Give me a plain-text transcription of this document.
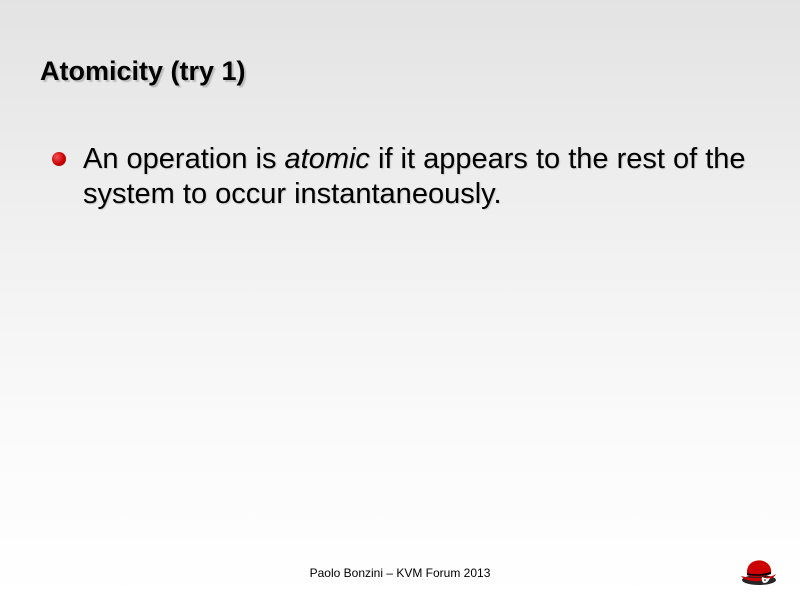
Atomicity (try 1)
An operation is atomic if it appears to the rest of the system to occur instantaneously.
Paolo Bonzini – KVM Forum 2013
